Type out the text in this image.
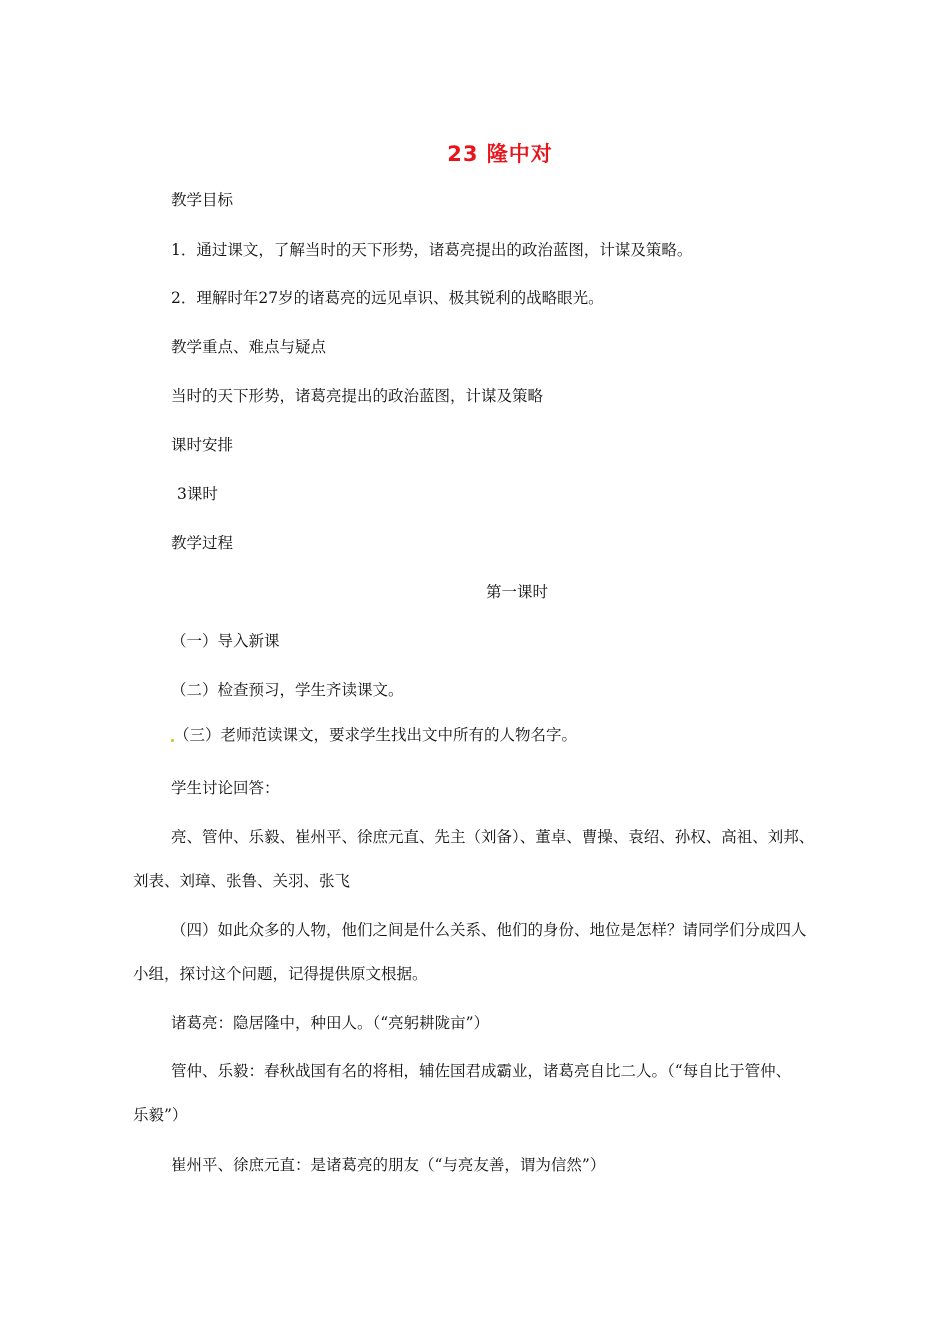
23 隆中对
教学目标
1．通过课文，了解当时的天下形势，诸葛亮提出的政治蓝图，计谋及策略。
2．理解时年27岁的诸葛亮的远见卓识、极其锐利的战略眼光。
教学重点、难点与疑点
当时的天下形势，诸葛亮提出的政治蓝图，计谋及策略
课时安排
3课时
教学过程
第一课时
（一）导入新课
（二）检查预习，学生齐读课文。
（三）老师范读课文，要求学生找出文中所有的人物名字。
学生讨论回答：
亮、管仲、乐毅、崔州平、徐庶元直、先主（刘备）、董卓、曹操、袁绍、孙权、高祖、刘邦、
刘表、刘璋、张鲁、关羽、张飞
（四）如此众多的人物，他们之间是什么关系、他们的身份、地位是怎样？请同学们分成四人
小组，探讨这个问题，记得提供原文根据。
诸葛亮：隐居隆中，种田人。（“亮躬耕陇亩”）
管仲、乐毅：春秋战国有名的将相，辅佐国君成霸业，诸葛亮自比二人。（“每自比于管仲、
乐毅”）
崔州平、徐庶元直：是诸葛亮的朋友（“与亮友善，谓为信然”）
